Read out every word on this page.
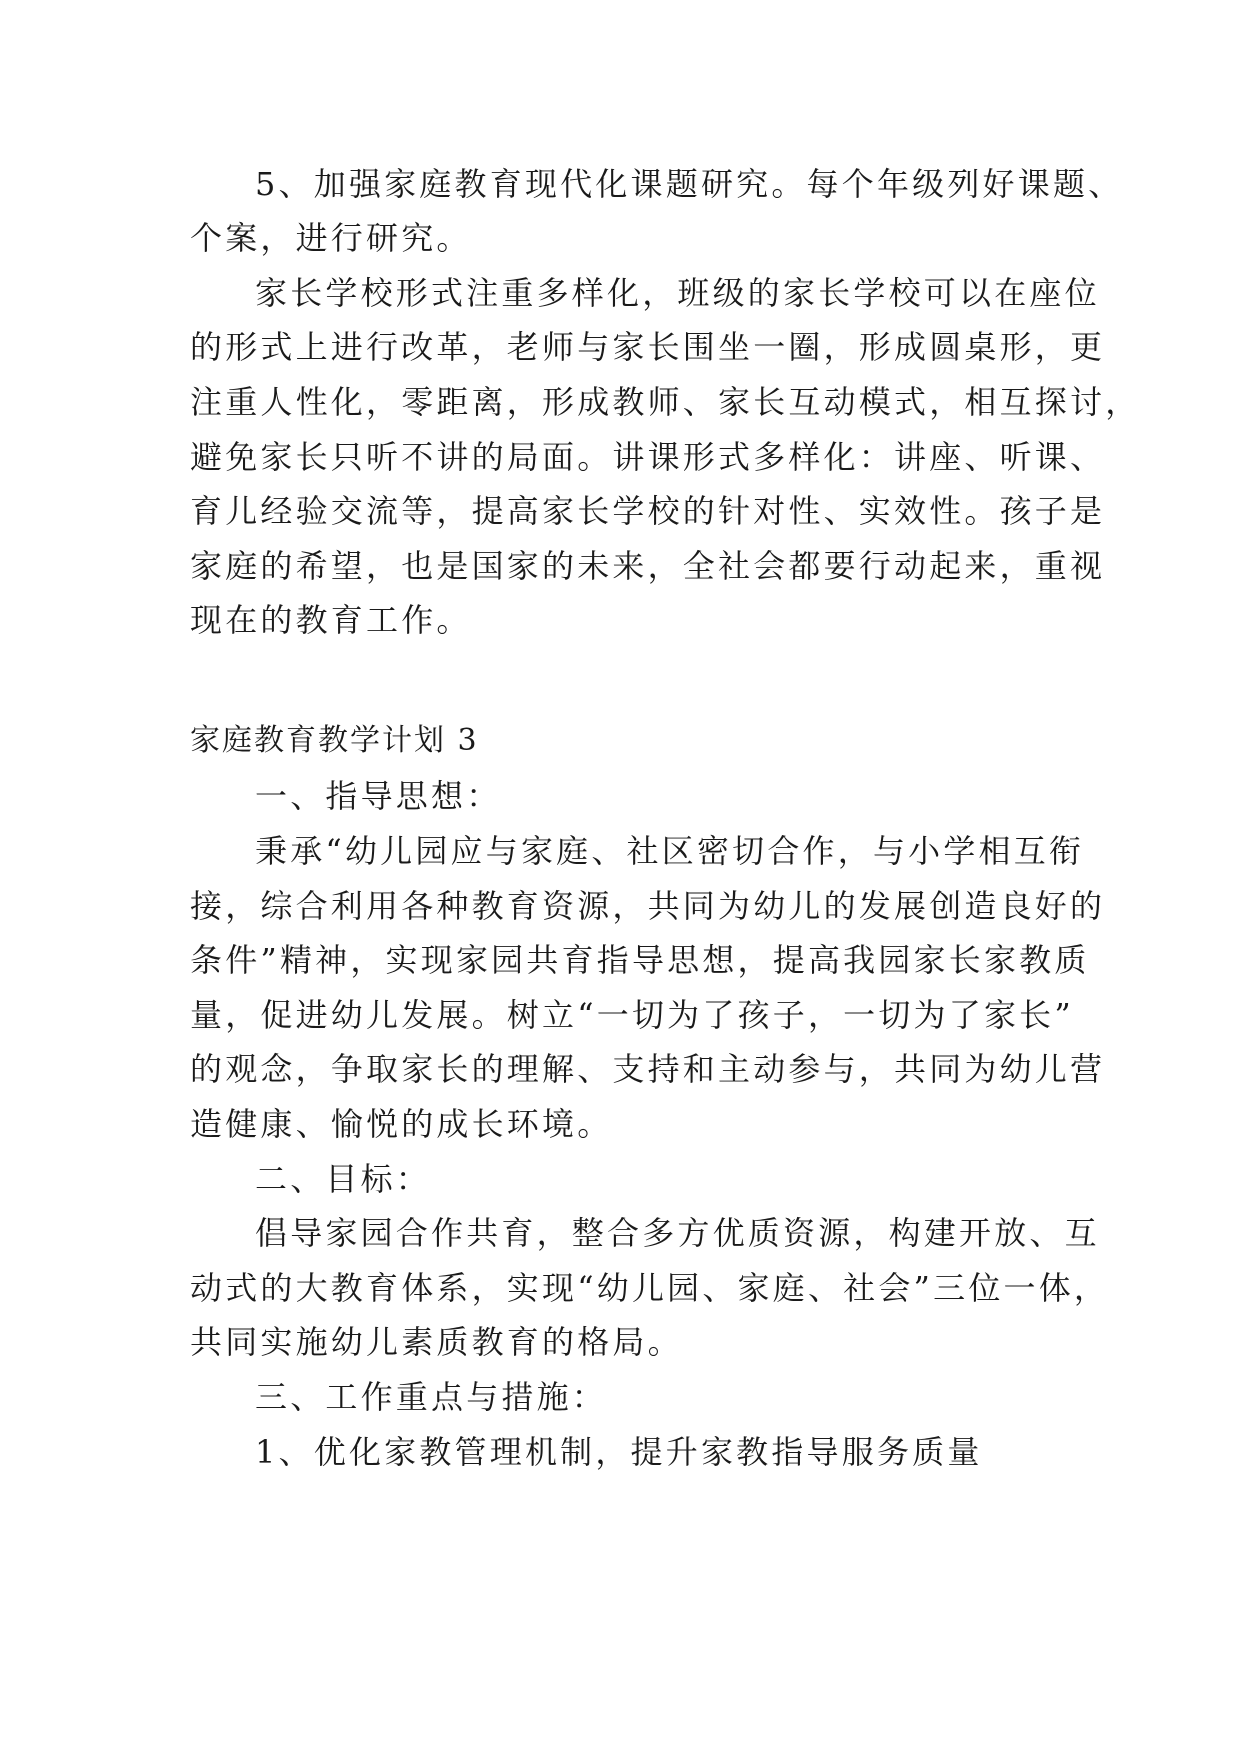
5、加强家庭教育现代化课题研究。每个年级列好课题、
个案，进行研究。
家长学校形式注重多样化，班级的家长学校可以在座位
的形式上进行改革，老师与家长围坐一圈，形成圆桌形，更
注重人性化，零距离，形成教师、家长互动模式，相互探讨，
避免家长只听不讲的局面。讲课形式多样化：讲座、听课、
育儿经验交流等，提高家长学校的针对性、实效性。孩子是
家庭的希望，也是国家的未来，全社会都要行动起来，重视
现在的教育工作。
家庭教育教学计划 3
一、指导思想：
秉承“幼儿园应与家庭、社区密切合作，与小学相互衔
接，综合利用各种教育资源，共同为幼儿的发展创造良好的
条件”精神，实现家园共育指导思想，提高我园家长家教质
量，促进幼儿发展。树立“一切为了孩子，一切为了家长”
的观念，争取家长的理解、支持和主动参与，共同为幼儿营
造健康、愉悦的成长环境。
二、目标：
倡导家园合作共育，整合多方优质资源，构建开放、互
动式的大教育体系，实现“幼儿园、家庭、社会”三位一体，
共同实施幼儿素质教育的格局。
三、工作重点与措施：
1、优化家教管理机制，提升家教指导服务质量
